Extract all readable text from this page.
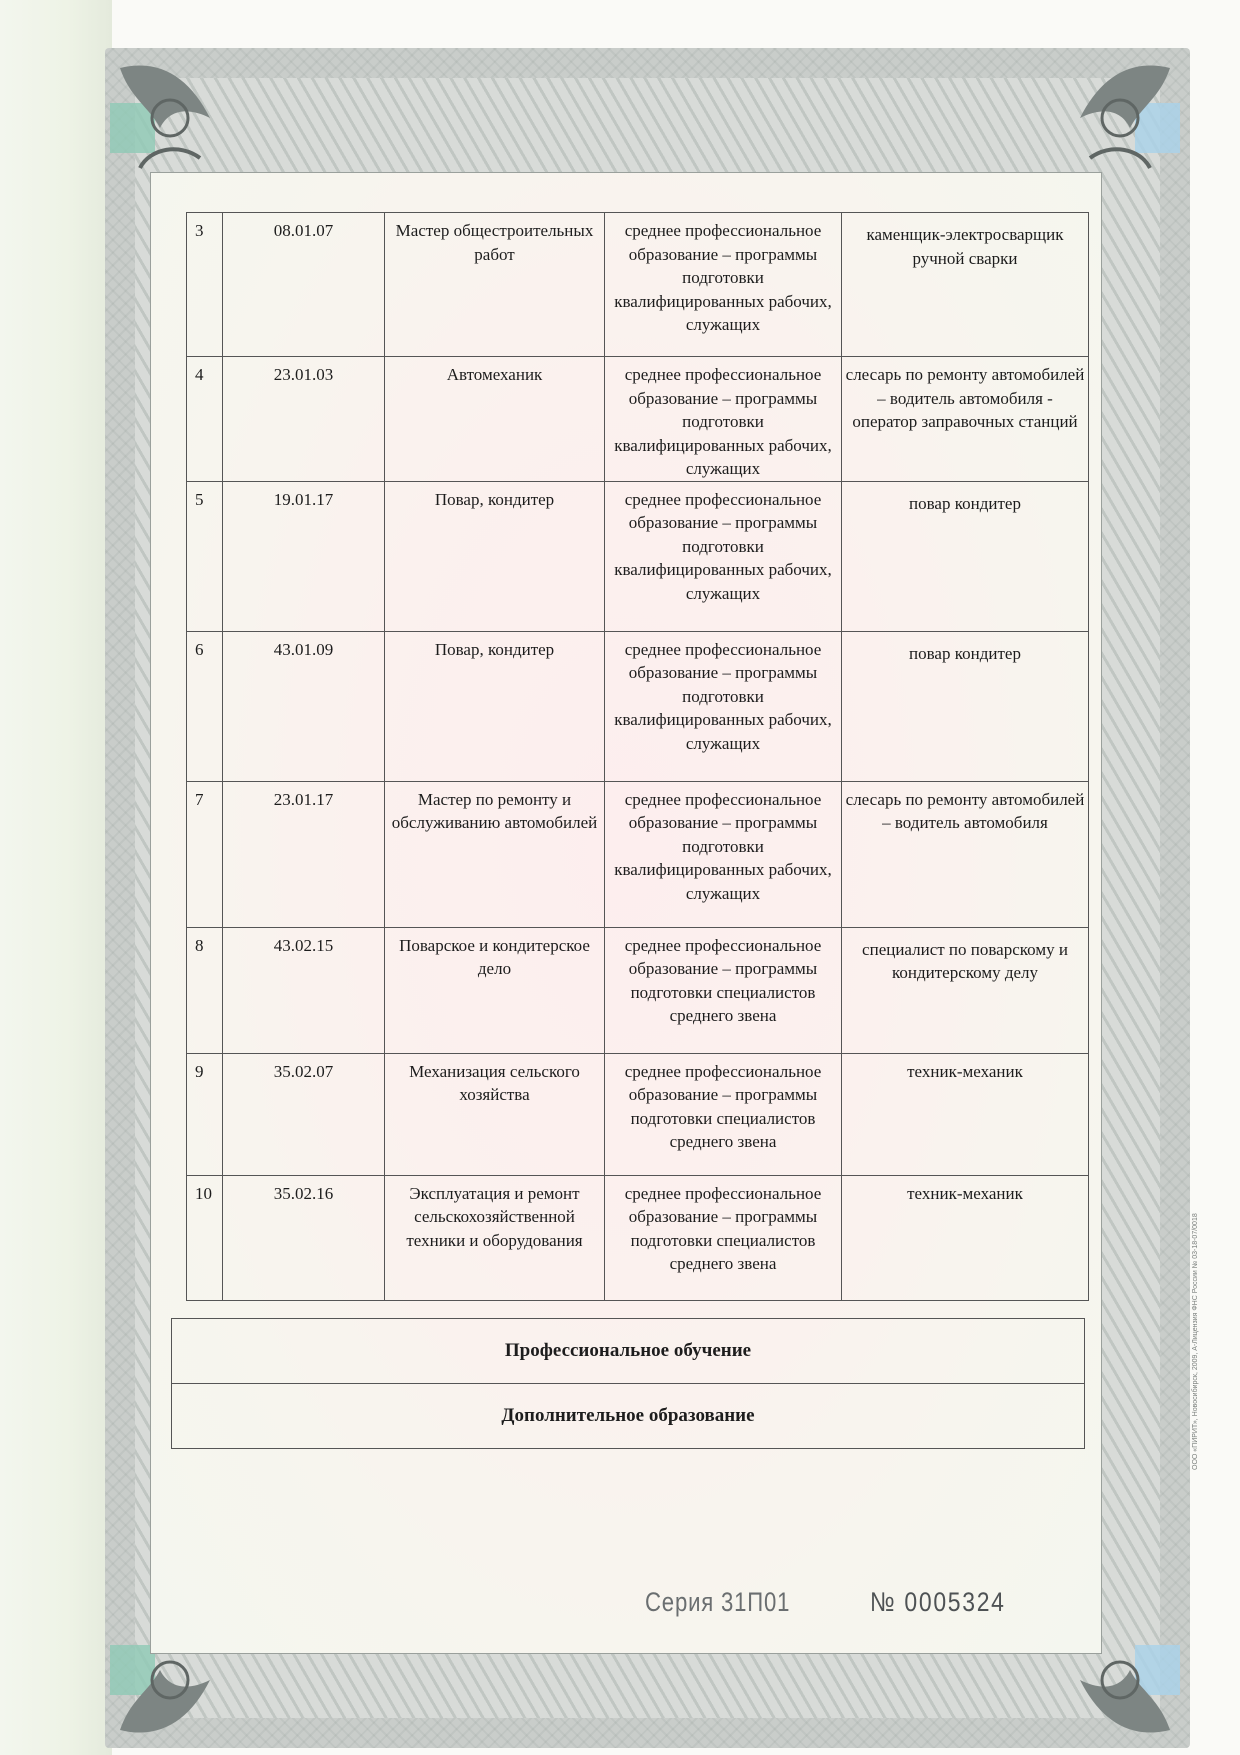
3	08.01.07	Мастер общестроительных работ	среднее профессиональное образование – программы подготовки квалифицированных рабочих, служащих	каменщик-электросварщик ручной сварки
4	23.01.03	Автомеханик	среднее профессиональное образование – программы подготовки квалифицированных рабочих, служащих	слесарь по ремонту автомобилей – водитель автомобиля - оператор заправочных станций
5	19.01.17	Повар, кондитер	среднее профессиональное образование – программы подготовки квалифицированных рабочих, служащих	повар кондитер
6	43.01.09	Повар, кондитер	среднее профессиональное образование – программы подготовки квалифицированных рабочих, служащих	повар кондитер
7	23.01.17	Мастер по ремонту и обслуживанию автомобилей	среднее профессиональное образование – программы подготовки квалифицированных рабочих, служащих	слесарь по ремонту автомобилей – водитель автомобиля
8	43.02.15	Поварское и кондитерское дело	среднее профессиональное образование – программы подготовки специалистов среднего звена	специалист по поварскому и кондитерскому делу
9	35.02.07	Механизация сельского хозяйства	среднее профессиональное образование – программы подготовки специалистов среднего звена	техник-механик
10	35.02.16	Эксплуатация и ремонт сельскохозяйственной техники и оборудования	среднее профессиональное образование – программы подготовки специалистов среднего звена	техник-механик
Профессиональное обучение
Дополнительное образование
Серия 31П01	№ 0005324
ООО «ПИРИТ», Новосибирск, 2009, А-Лицензия ФНС России № 03-18-07/0018
